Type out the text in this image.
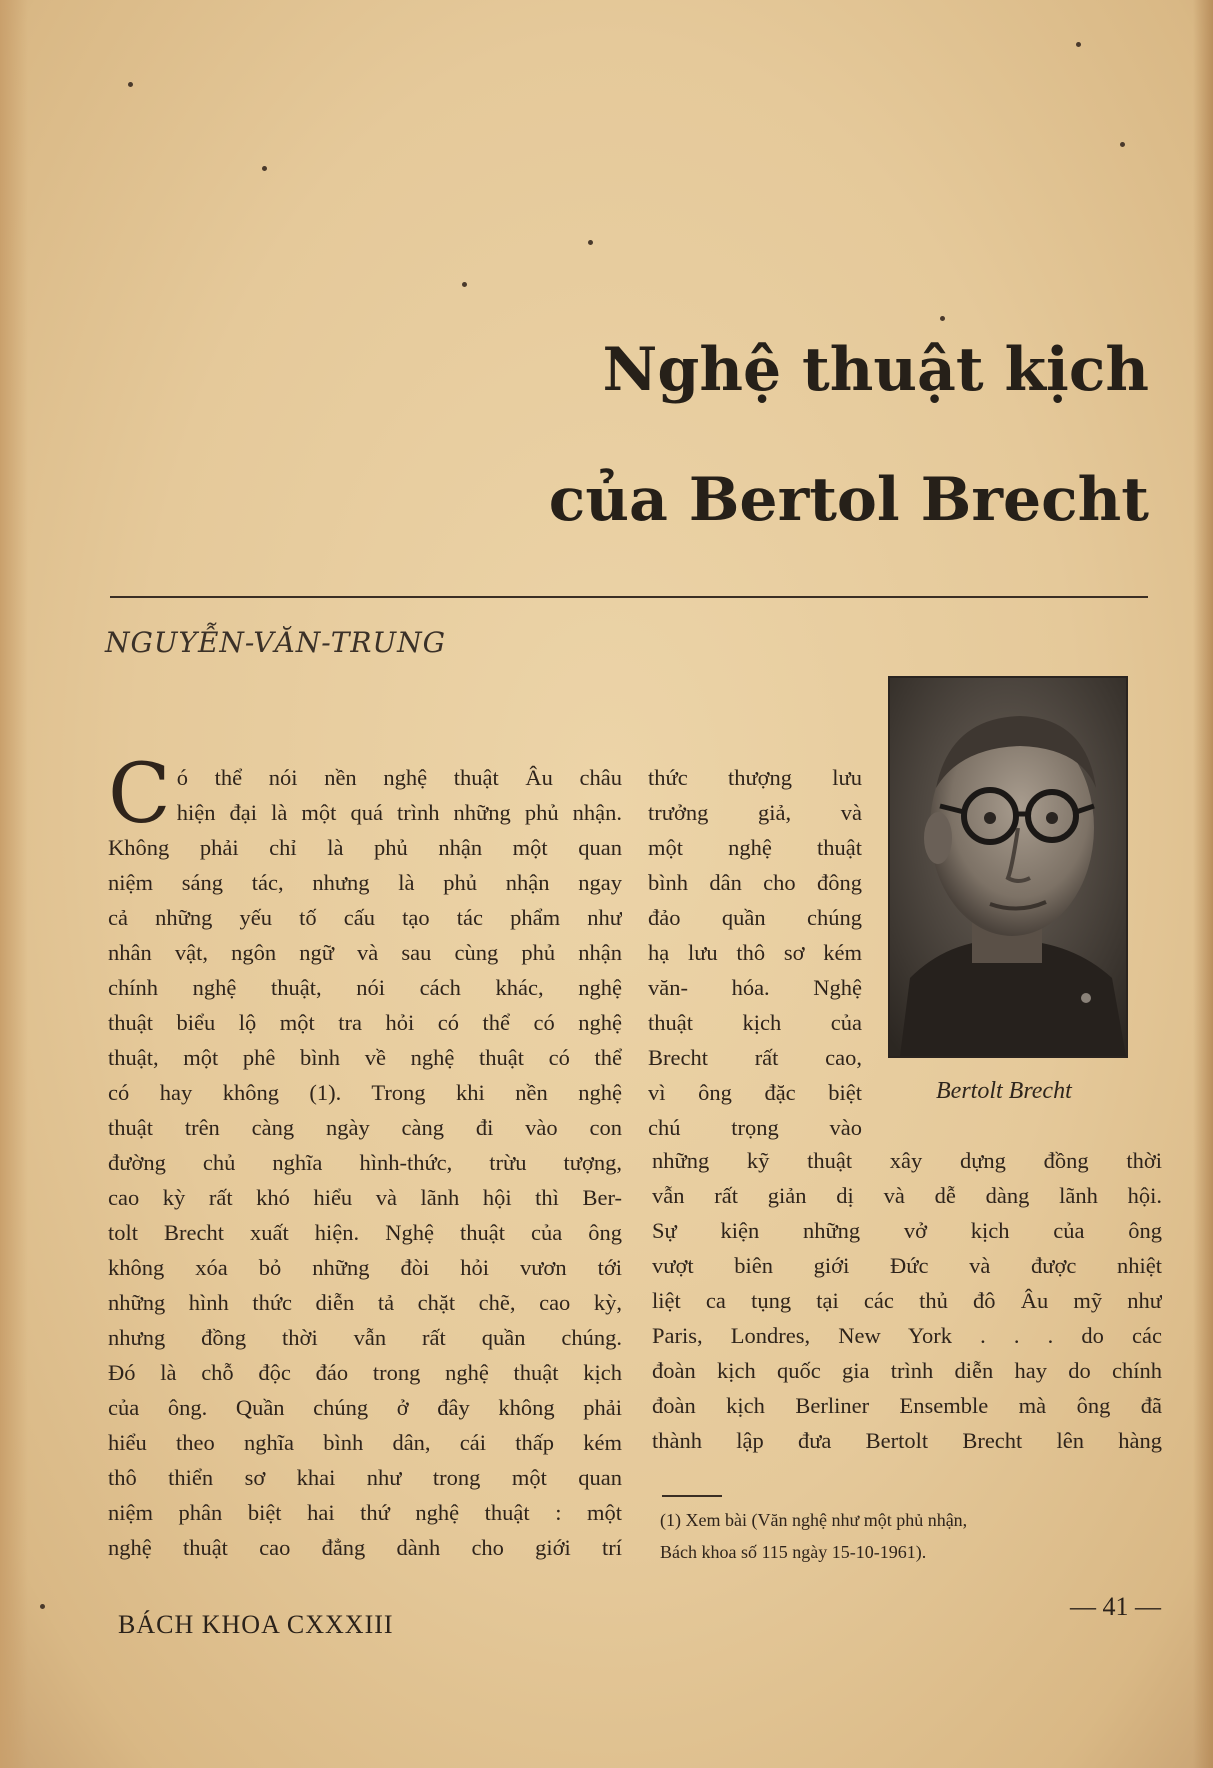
Nghệ thuật kịch
của Bertol Brecht
NGUYỄN-VĂN-TRUNG
C ó thể nói nền nghệ thuật Âu châu
hiện đại là một quá trình những phủ nhận.
Không phải chỉ là phủ nhận một quan
niệm sáng tác, nhưng là phủ nhận ngay
cả những yếu tố cấu tạo tác phẩm như
nhân vật, ngôn ngữ và sau cùng phủ nhận
chính nghệ thuật, nói cách khác, nghệ
thuật biểu lộ một tra hỏi có thể có nghệ
thuật, một phê bình về nghệ thuật có thể
có hay không (1). Trong khi nền nghệ
thuật trên càng ngày càng đi vào con
đường chủ nghĩa hình-thức, trừu tượng,
cao kỳ rất khó hiểu và lãnh hội thì Ber-
tolt Brecht xuất hiện. Nghệ thuật của ông
không xóa bỏ những đòi hỏi vươn tới
những hình thức diễn tả chặt chẽ, cao kỳ,
nhưng đồng thời vẫn rất quần chúng.
Đó là chỗ độc đáo trong nghệ thuật kịch
của ông. Quần chúng ở đây không phải
hiểu theo nghĩa bình dân, cái thấp kém
thô thiển sơ khai như trong một quan
niệm phân biệt hai thứ nghệ thuật : một
nghệ thuật cao đẳng dành cho giới trí
thức thượng lưu
trưởng giả, và
một nghệ thuật
bình dân cho đông
đảo quần chúng
hạ lưu thô sơ kém
văn- hóa. Nghệ
thuật kịch của
Brecht rất cao,
vì ông đặc biệt
chú trọng vào
Bertolt Brecht
những kỹ thuật xây dựng đồng thời
vẫn rất giản dị và dễ dàng lãnh hội.
Sự kiện những vở kịch của ông
vượt biên giới Đức và được nhiệt
liệt ca tụng tại các thủ đô Âu mỹ như
Paris, Londres, New York . . . do các
đoàn kịch quốc gia trình diễn hay do chính
đoàn kịch Berliner Ensemble mà ông đã
thành lập đưa Bertolt Brecht lên hàng
(1) Xem bài (Văn nghệ như một phủ nhận,
Bách khoa số 115 ngày 15-10-1961).
BÁCH KHOA CXXXIII
— 41 —
